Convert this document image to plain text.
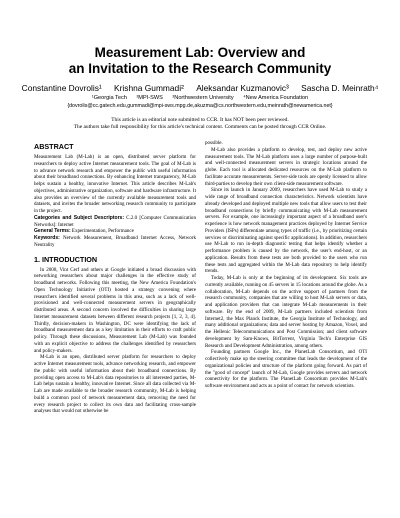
Measurement Lab: Overview and
an Invitation to the Research Community
Constantine Dovrolis¹ Krishna Gummadi² Aleksandar Kuzmanovic³ Sascha D. Meinrath⁴
¹Georgia Tech ²MPI-SWS ³Northwestern University ⁴New America Foundation
{dovrolis@cc.gatech.edu,gummadi@mpi-sws.mpg.de,akuzma@cs.northwestern.edu,meinrath@newamerica.net}
This article is an editorial note submitted to CCR. It has NOT been peer reviewed.
The authors take full responsibility for this article's technical content. Comments can be posted through CCR Online.
ABSTRACT

Measurement Lab (M-Lab) is an open, distributed server platform for researchers to deploy active Internet measurement tools. The goal of M-Lab is to advance network research and empower the public with useful information about their broadband connections. By enhancing Internet transparency, M-Lab helps sustain a healthy, innovative Internet. This article describes M-Lab's objectives, administrative organization, software and hardware infrastructure. It also provides an overview of the currently available measurement tools and datasets, and invites the broader networking research community to participate in the project.

Categories and Subject Descriptors: C.2.0 [Computer Communication Networks]: Internet

General Terms: Experimentation, Performance

Keywords: Network Measurement, Broadband Internet Access, Network Neutrality

1. INTRODUCTION

In 2008, Vint Cerf and others at Google initiated a broad discussion with networking researchers about major challenges in the effective study of broadband networks. Following this meeting, the New America Foundation's Open Technology Initiative (OTI) hosted a strategy convening where researchers identified several problems in this area, such as a lack of well-provisioned and well-connected measurement servers in geographically distributed areas. A second concern involved the difficulties in sharing large Internet measurement datasets between different research projects [1, 2, 3, 4]. Thirdly, decision-makers in Washington, DC were identifying the lack of broadband measurement data as a key limitation in their efforts to craft public policy. Through these discussions, Measurement Lab (M-Lab) was founded with an explicit objective to address the challenges identified by researchers and policy-makers.

M-Lab is an open, distributed server platform for researchers to deploy active Internet measurement tools, advance networking research, and empower the public with useful information about their broadband connections. By providing open access to M-Lab's data repositories to all interested parties, M-Lab helps sustain a healthy, innovative Internet. Since all data collected via M-Lab are made available to the broader research community, M-Lab is helping build a common pool of network measurement data, removing the need for every research project to collect its own data and facilitating cross-sample analyses that would not otherwise be

possible.

M-Lab also provides a platform to develop, test, and deploy new active measurement tools. The M-Lab platform uses a large number of purpose-built and well-connected measurement servers in strategic locations around the globe. Each tool is allocated dedicated resources on the M-Lab platform to facilitate accurate measurements. Server-side tools are openly licensed to allow third-parties to develop their own client-side measurement software.

Since its launch in January 2009, researchers have used M-Lab to study a wide range of broadband connection characteristics. Network scientists have already developed and deployed multiple new tools that allow users to test their broadband connections by briefly communicating with M-Lab measurement servers. For example, one increasingly important aspect of a broadband user's experience is how network management practices deployed by Internet Service Providers (ISPs) differentiate among types of traffic (i.e., by prioritizing certain services or discriminating against specific applications). In addition, researchers use M-Lab to run in-depth diagnostic testing that helps identify whether a performance problem is caused by the network, the user's end-host, or an application. Results from these tests are both provided to the users who run these tests and aggregated within the M-Lab data repository to help identify trends.

Today, M-Lab is only at the beginning of its development. Six tools are currently available, running on 45 servers in 15 locations around the globe. As a collaboration, M-Lab depends on the active support of partners from the research community, companies that are willing to host M-Lab servers or data, and application providers that can integrate M-Lab measurements in their software. By the end of 2009, M-Lab partners included scientists from Internet2, the Max Planck Institute, the Georgia Institute of Technology, and many additional organizations; data and server hosting by Amazon, Voxel, and the Hellenic Telecommunications and Post Commission; and client software development by Sam-Knows, BitTorrent, Virginia Tech's Enterprise GIS Research and Development Administration, among others.

Founding partners Google Inc., the PlanetLab Consortium, and OTI collectively make up the steering committee that leads the development of the organizational policies and structure of the platform going forward. As part of the "good of concept" launch of M-Lab, Google provides servers and network connectivity for the platform. The PlanetLab Consortium provides M-Lab's software environment and acts as a point of contact for network scientists.
